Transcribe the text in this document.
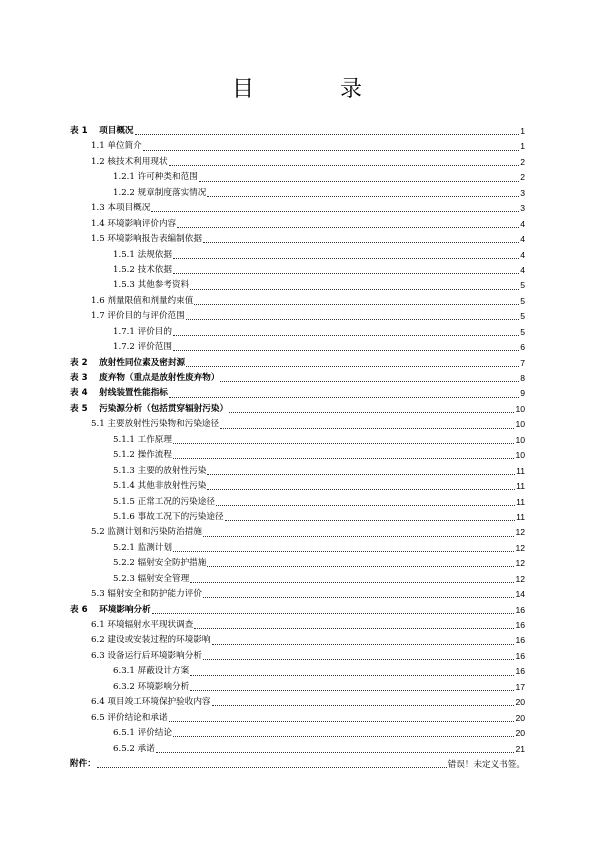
目	录
表 1 　项目概况	1
1.1 单位简介	1
1.2 核技术利用现状	2
1.2.1 许可种类和范围	2
1.2.2 规章制度落实情况	3
1.3 本项目概况	3
1.4 环境影响评价内容	4
1.5 环境影响报告表编制依据	4
1.5.1 法规依据	4
1.5.2 技术依据	4
1.5.3 其他参考资料	5
1.6 剂量限值和剂量约束值	5
1.7 评价目的与评价范围	5
1.7.1 评价目的	5
1.7.2 评价范围	6
表 2 　放射性同位素及密封源	7
表 3 　废弃物（重点是放射性废弃物）	8
表 4 　射线装置性能指标	9
表 5 　污染源分析（包括贯穿辐射污染）	10
5.1 主要放射性污染物和污染途径	10
5.1.1 工作原理	10
5.1.2 操作流程	10
5.1.3 主要的放射性污染	11
5.1.4 其他非放射性污染	11
5.1.5 正常工况的污染途径	11
5.1.6 事故工况下的污染途径	11
5.2 监测计划和污染防治措施	12
5.2.1 监测计划	12
5.2.2 辐射安全防护措施	12
5.2.3 辐射安全管理	12
5.3 辐射安全和防护能力评价	14
表 6 　环境影响分析	16
6.1 环境辐射水平现状调查	16
6.2 建设或安装过程的环境影响	16
6.3 设备运行后环境影响分析	16
6.3.1 屏蔽设计方案	16
6.3.2 环境影响分析	17
6.4 项目竣工环境保护验收内容	20
6.5 评价结论和承诺	20
6.5.1 评价结论	20
6.5.2 承诺	21
附件：	错误！未定义书签。
